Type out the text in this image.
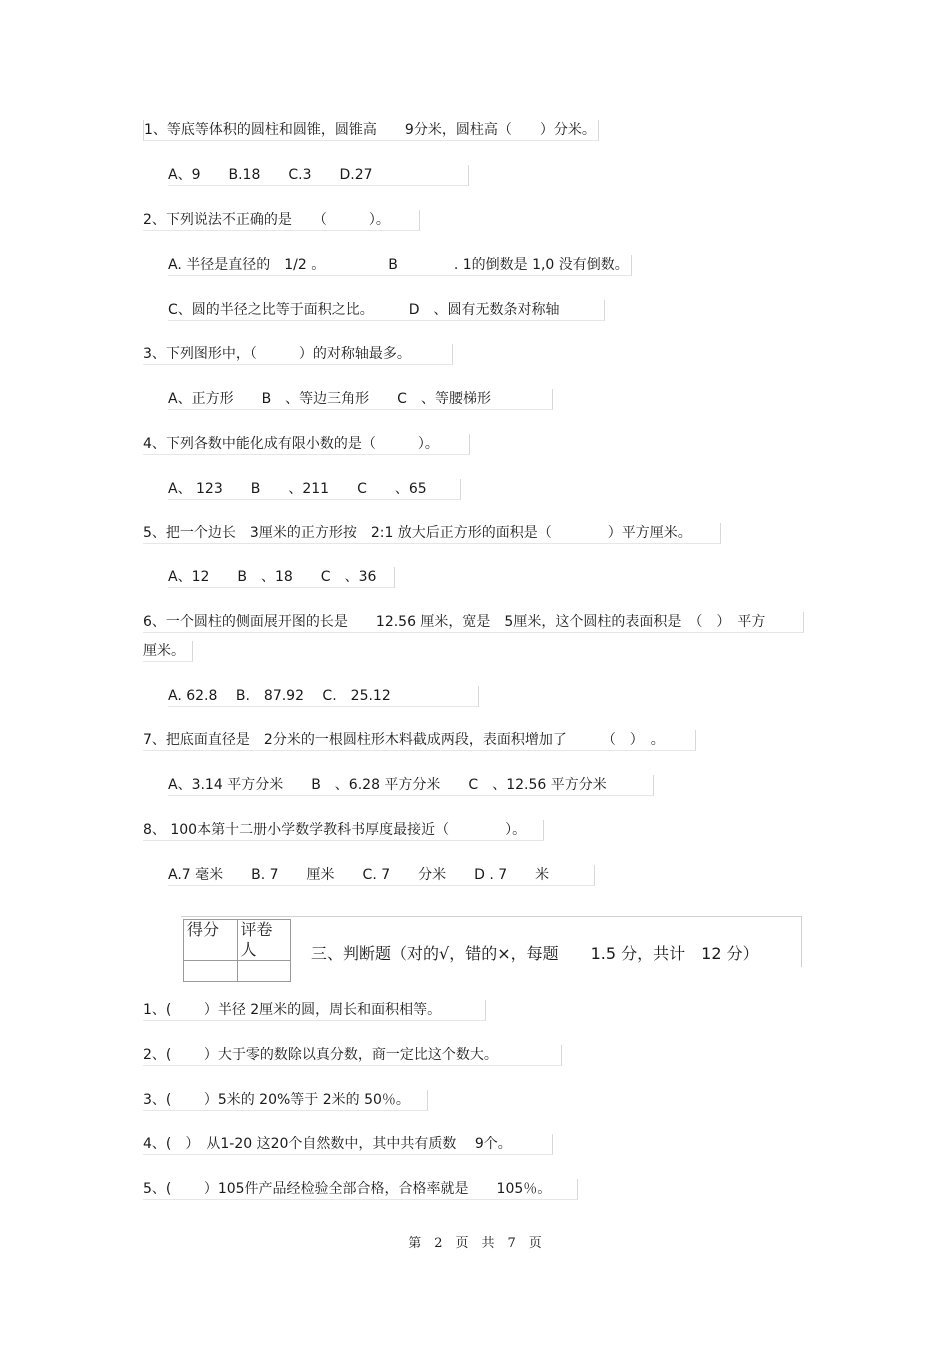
1、等底等体积的圆柱和圆锥，圆锥高　　9分米，圆柱高（　　）分米。
A、9　　B.18　　C.3　　D.27
2、下列说法不正确的是　　（　　　）。
A. 半径是直径的　1/2 。　　　　　B　　　　. 1的倒数是 1,0 没有倒数。
C、圆的半径之比等于面积之比。　　　D　、圆有无数条对称轴
3、下列图形中，（　　　）的对称轴最多。
A、正方形　　B　、等边三角形　　C　、等腰梯形
4、下列各数中能化成有限小数的是（　　　）。
A、 123　　B　　、211　　C　　、65
5、把一个边长　3厘米的正方形按　2:1 放大后正方形的面积是（　　　　）平方厘米。
A、12　　B　、18　　C　、36
6、一个圆柱的侧面展开图的长是　　12.56 厘米，宽是　5厘米，这个圆柱的表面积是　（　）　平方
厘米。
A. 62.8　 B.　87.92　 C.　25.12
7、把底面直径是　2分米的一根圆柱形木料截成两段，表面积增加了　　　（　）　。
A、3.14 平方分米　　B　、6.28 平方分米　　C　、12.56 平方分米
8、 100本第十二册小学数学教科书厚度最接近（　　　　）。
A.7 毫米　　B. 7　　厘米　　C. 7　　分米　　D . 7　　米
得分	评卷人
		三、判断题（对的√，错的×，每题　　1.5 分，共计　12 分）
1、(　　 ）半径 2厘米的圆，周长和面积相等。
2、(　　 ）大于零的数除以真分数，商一定比这个数大。
3、(　　 ）5米的 20%等于 2米的 50％。
4、(　）　从1-20 这20个自然数中，其中共有质数　 9个。
5、(　　 ）105件产品经检验全部合格，合格率就是　　105％。
第　2　页　共　7　页
